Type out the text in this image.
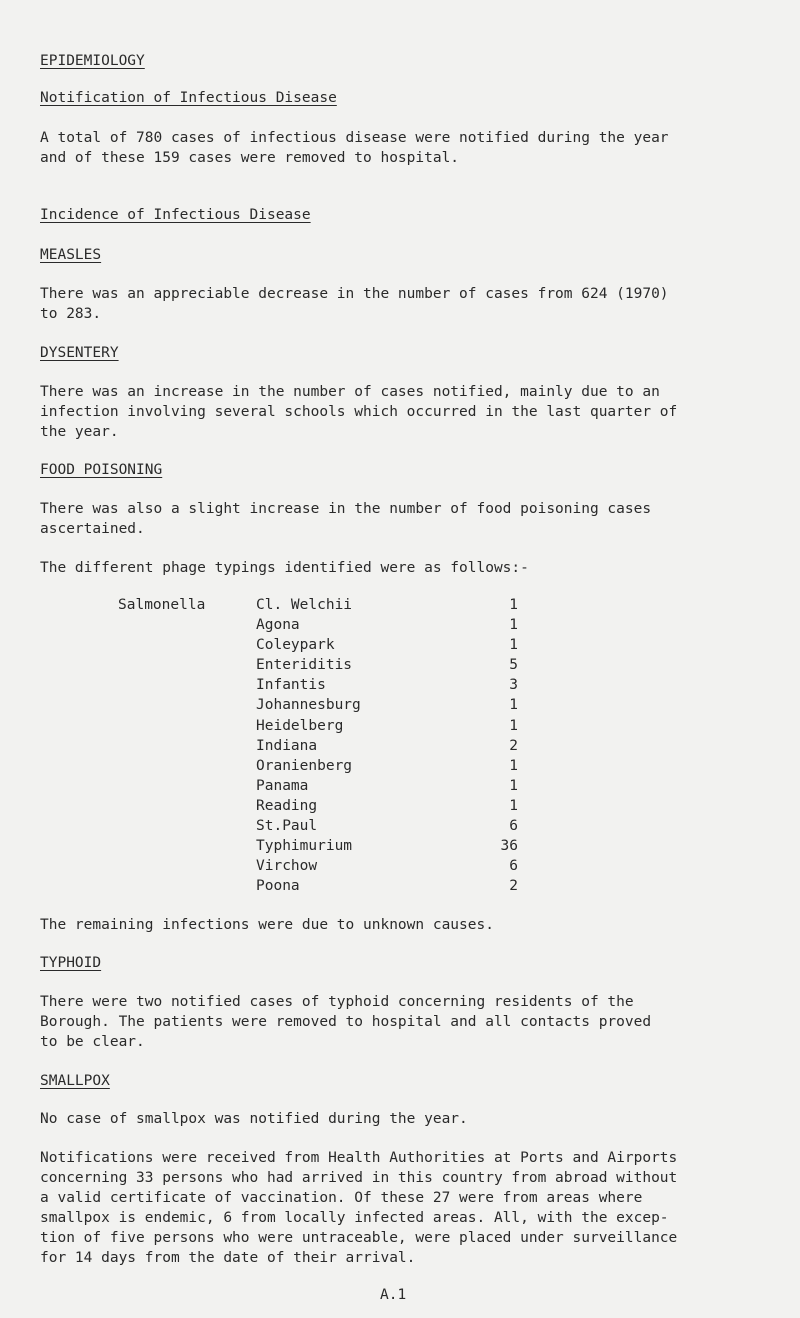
EPIDEMIOLOGY
Notification of Infectious Disease

A total of 780 cases of infectious disease were notified during the year

and of these 159 cases were removed to hospital.

Incidence of Infectious Disease
MEASLES

There was an appreciable decrease in the number of cases from 624 (1970)

to 283.

DYSENTERY

There was an increase in the number of cases notified, mainly due to an

infection involving several schools which occurred in the last quarter of

the year.

FOOD POISONING

There was also a slight increase in the number of food poisoning cases

ascertained.

The different phage typings identified were as follows:-
Salmonella	Cl. Welchii	1
Agona	1
Coleypark	1
Enteriditis	5
Infantis	3
Johannesburg	1
Heidelberg	1
Indiana	2
Oranienberg	1
Panama	1
Reading	1
St.Paul	6
Typhimurium	36
Virchow	6
Poona	2
The remaining infections were due to unknown causes.
TYPHOID

There were two notified cases of typhoid concerning residents of the

Borough. The patients were removed to hospital and all contacts proved

to be clear.

SMALLPOX
No case of smallpox was notified during the year.

Notifications were received from Health Authorities at Ports and Airports

concerning 33 persons who had arrived in this country from abroad without

a valid certificate of vaccination. Of these 27 were from areas where

smallpox is endemic, 6 from locally infected areas. All, with the excep-

tion of five persons who were untraceable, were placed under surveillance

for 14 days from the date of their arrival.

A.1
